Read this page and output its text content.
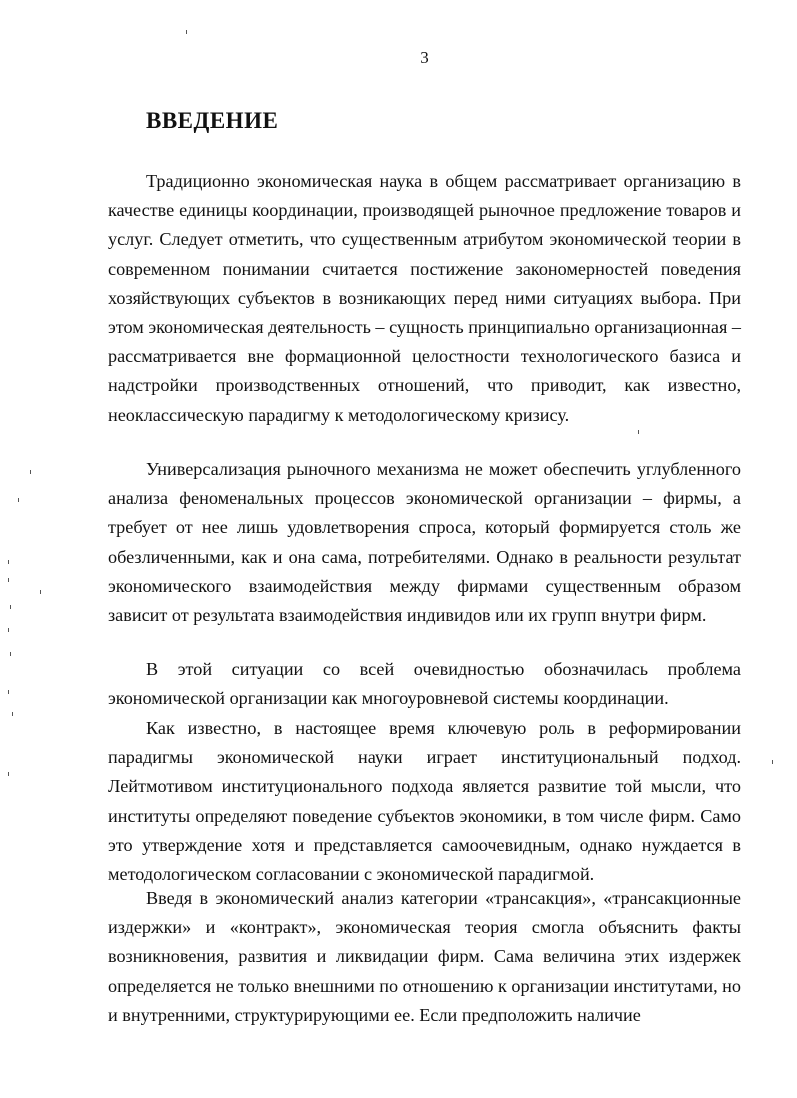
3
ВВЕДЕНИЕ

Традиционно экономическая наука в общем рассматривает организацию в качестве единицы координации, производящей рыночное предложение товаров и услуг. Следует отметить, что существенным атрибутом экономической теории в современном понимании считается постижение закономерностей поведения хозяйствующих субъектов в возникающих перед ними ситуациях выбора. При этом экономическая деятельность – сущность принципиально организационная – рассматривается вне формационной целостности технологического базиса и надстройки производственных отношений, что приводит, как известно, неоклассическую парадигму к методологическому кризису.

Универсализация рыночного механизма не может обеспечить углубленного анализа феноменальных процессов экономической организации – фирмы, а требует от нее лишь удовлетворения спроса, который формируется столь же обезличенными, как и она сама, потребителями. Однако в реальности результат экономического взаимодействия между фирмами существенным образом зависит от результата взаимодействия индивидов или их групп внутри фирм.

В этой ситуации со всей очевидностью обозначилась проблема экономической организации как многоуровневой системы координации.

Как известно, в настоящее время ключевую роль в реформировании парадигмы экономической науки играет институциональный подход. Лейтмотивом институционального подхода является развитие той мысли, что институты определяют поведение субъектов экономики, в том числе фирм. Само это утверждение хотя и представляется самоочевидным, однако нуждается в методологическом согласовании с экономической парадигмой.

Введя в экономический анализ категории «трансакция», «трансакционные издержки» и «контракт», экономическая теория смогла объяснить факты возникновения, развития и ликвидации фирм. Сама величина этих издержек определяется не только внешними по отношению к организации институтами, но и внутренними, структурирующими ее. Если предположить наличие
